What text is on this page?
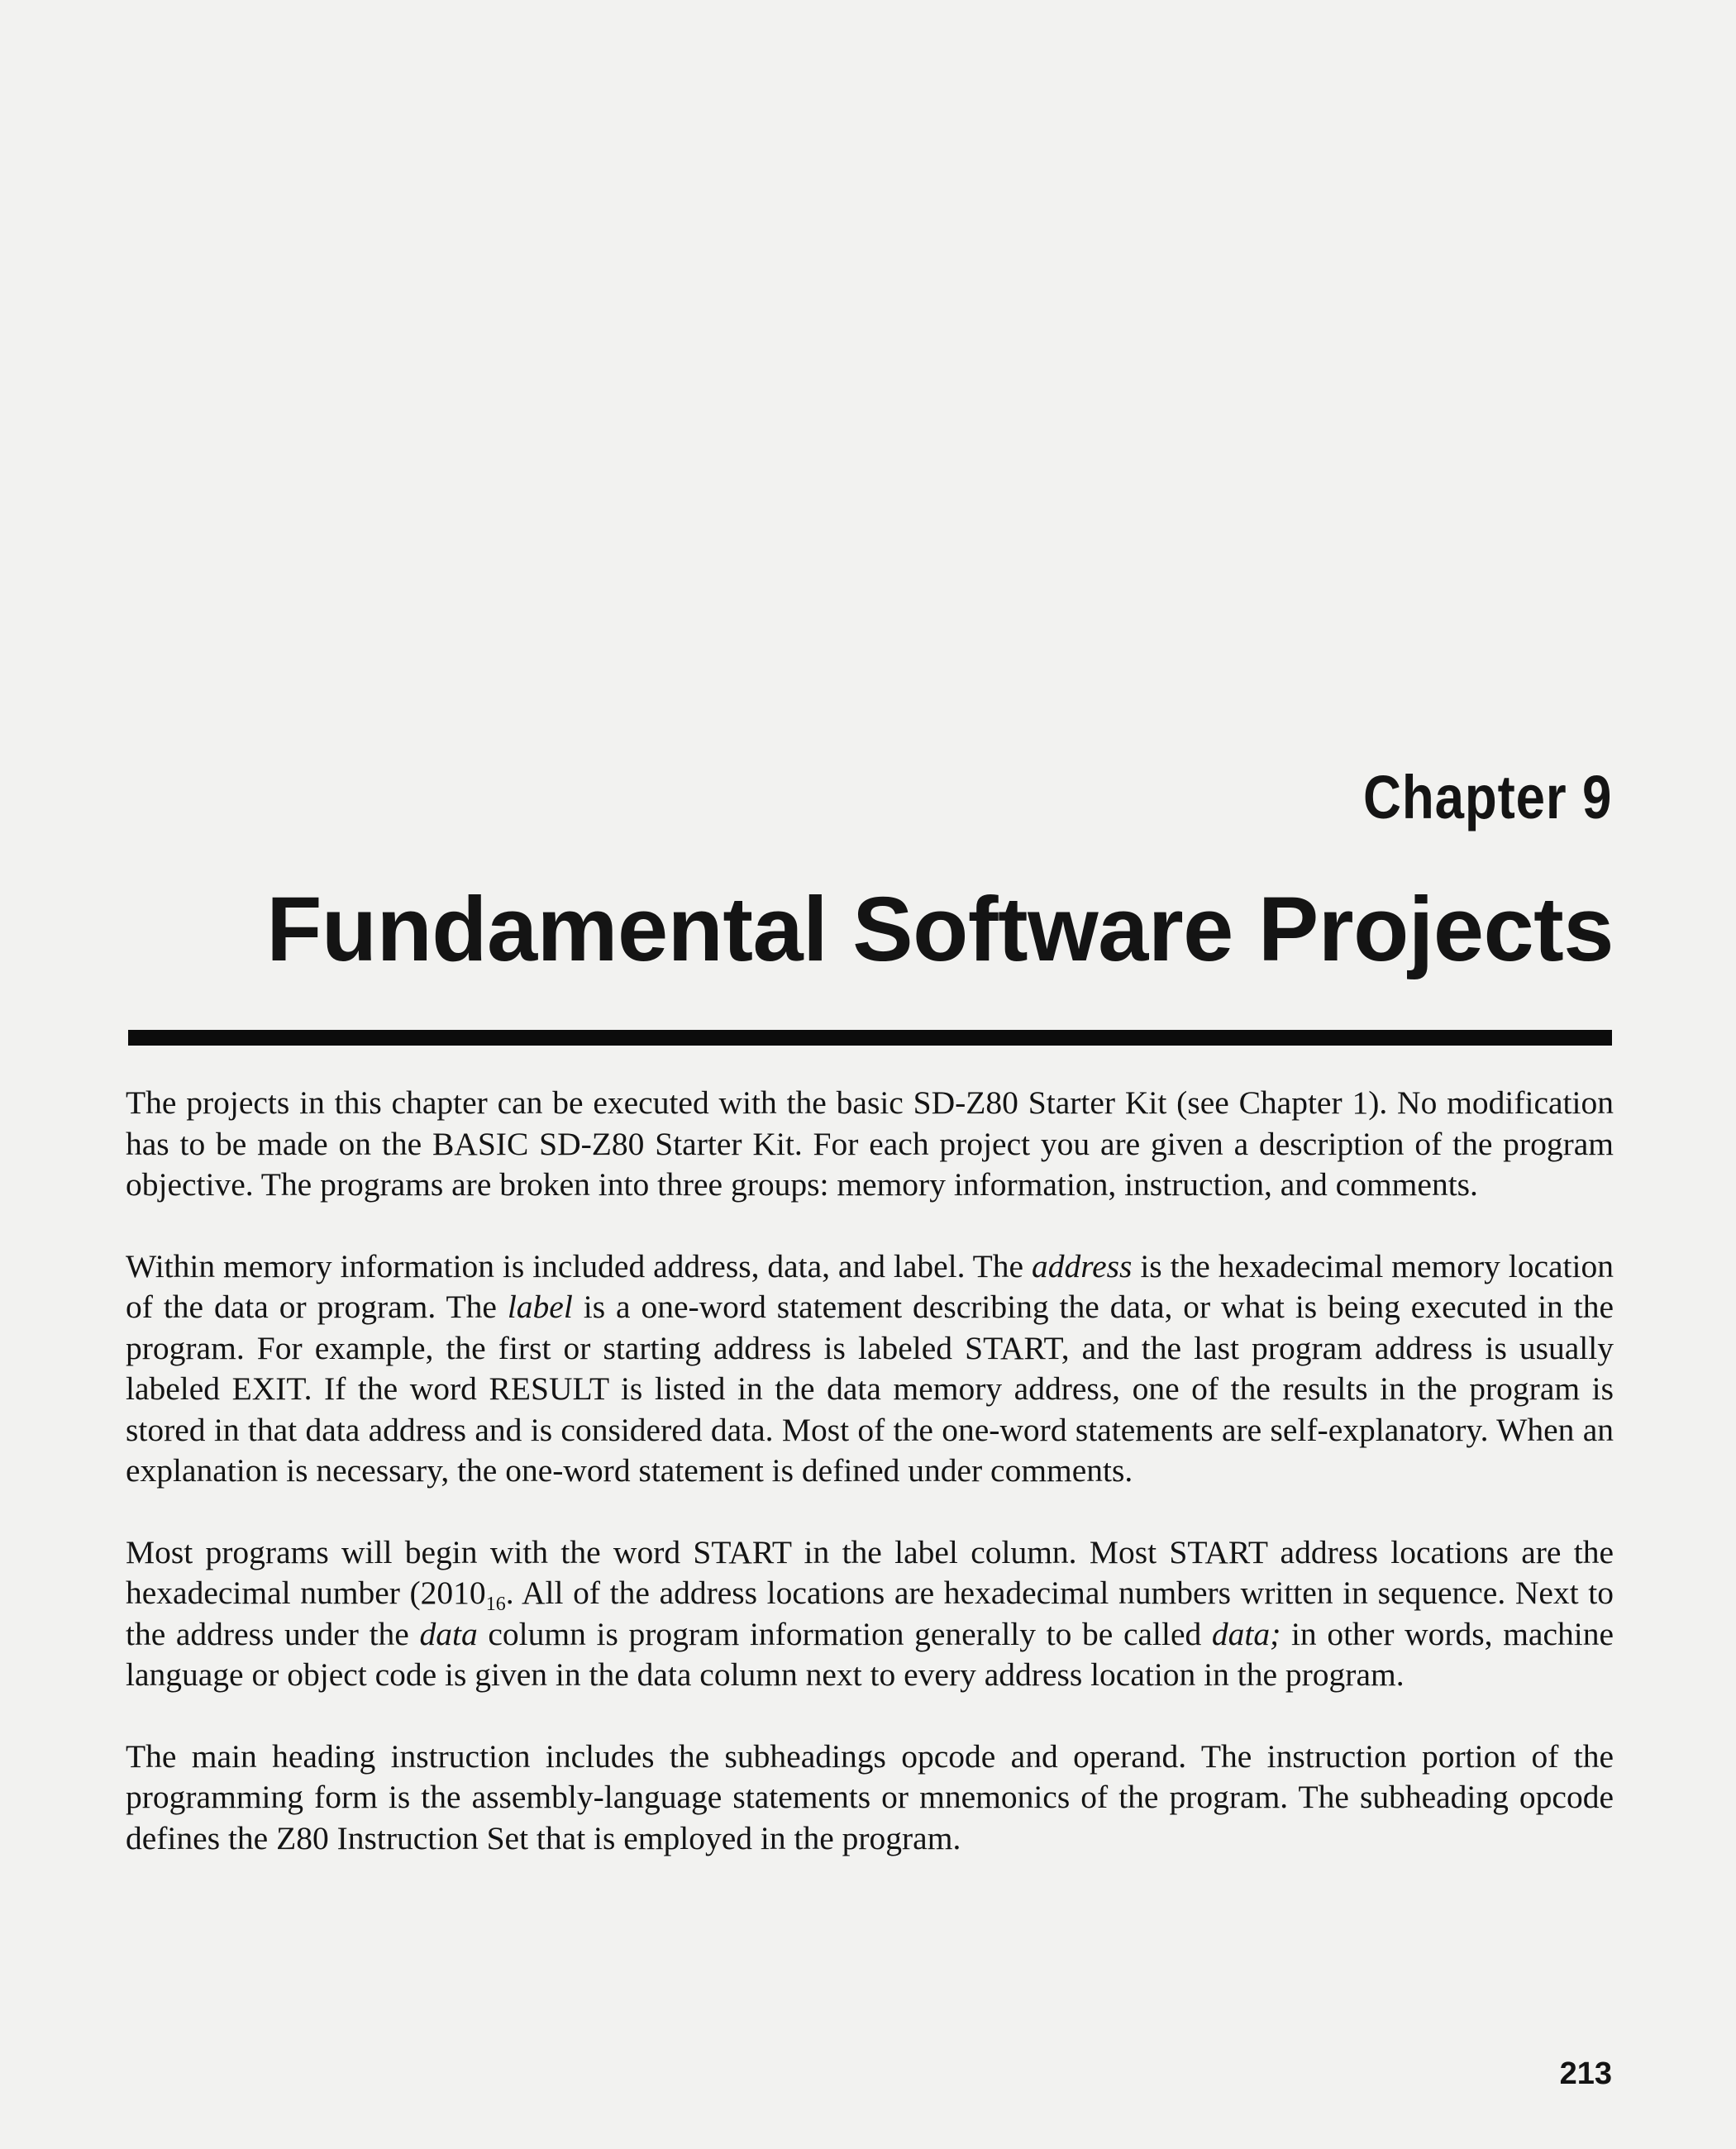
Chapter 9
Fundamental Software Projects

The projects in this chapter can be executed with the basic SD-Z80 Starter Kit (see Chapter 1). No modification has to be made on the BASIC SD-Z80 Starter Kit. For each project you are given a description of the program objective. The programs are broken into three groups: memory information, instruction, and comments.

Within memory information is included address, data, and label. The address is the hexadecimal memory location of the data or program. The label is a one-word statement describing the data, or what is being executed in the program. For example, the first or starting address is labeled START, and the last program address is usually labeled EXIT. If the word RESULT is listed in the data memory address, one of the results in the program is stored in that data address and is considered data. Most of the one-word statements are self-explanatory. When an explanation is necessary, the one-word statement is defined under comments.

Most programs will begin with the word START in the label column. Most START address locations are the hexadecimal number ($2010_{16}$. All of the address locations are hexadecimal numbers written in sequence. Next to the address under the data column is program information generally to be called data; in other words, machine language or object code is given in the data column next to every address location in the program.

The main heading instruction includes the subheadings opcode and operand. The instruction portion of the programming form is the assembly-language statements or mnemonics of the program. The subheading opcode defines the Z80 Instruction Set that is employed in the program.

213
